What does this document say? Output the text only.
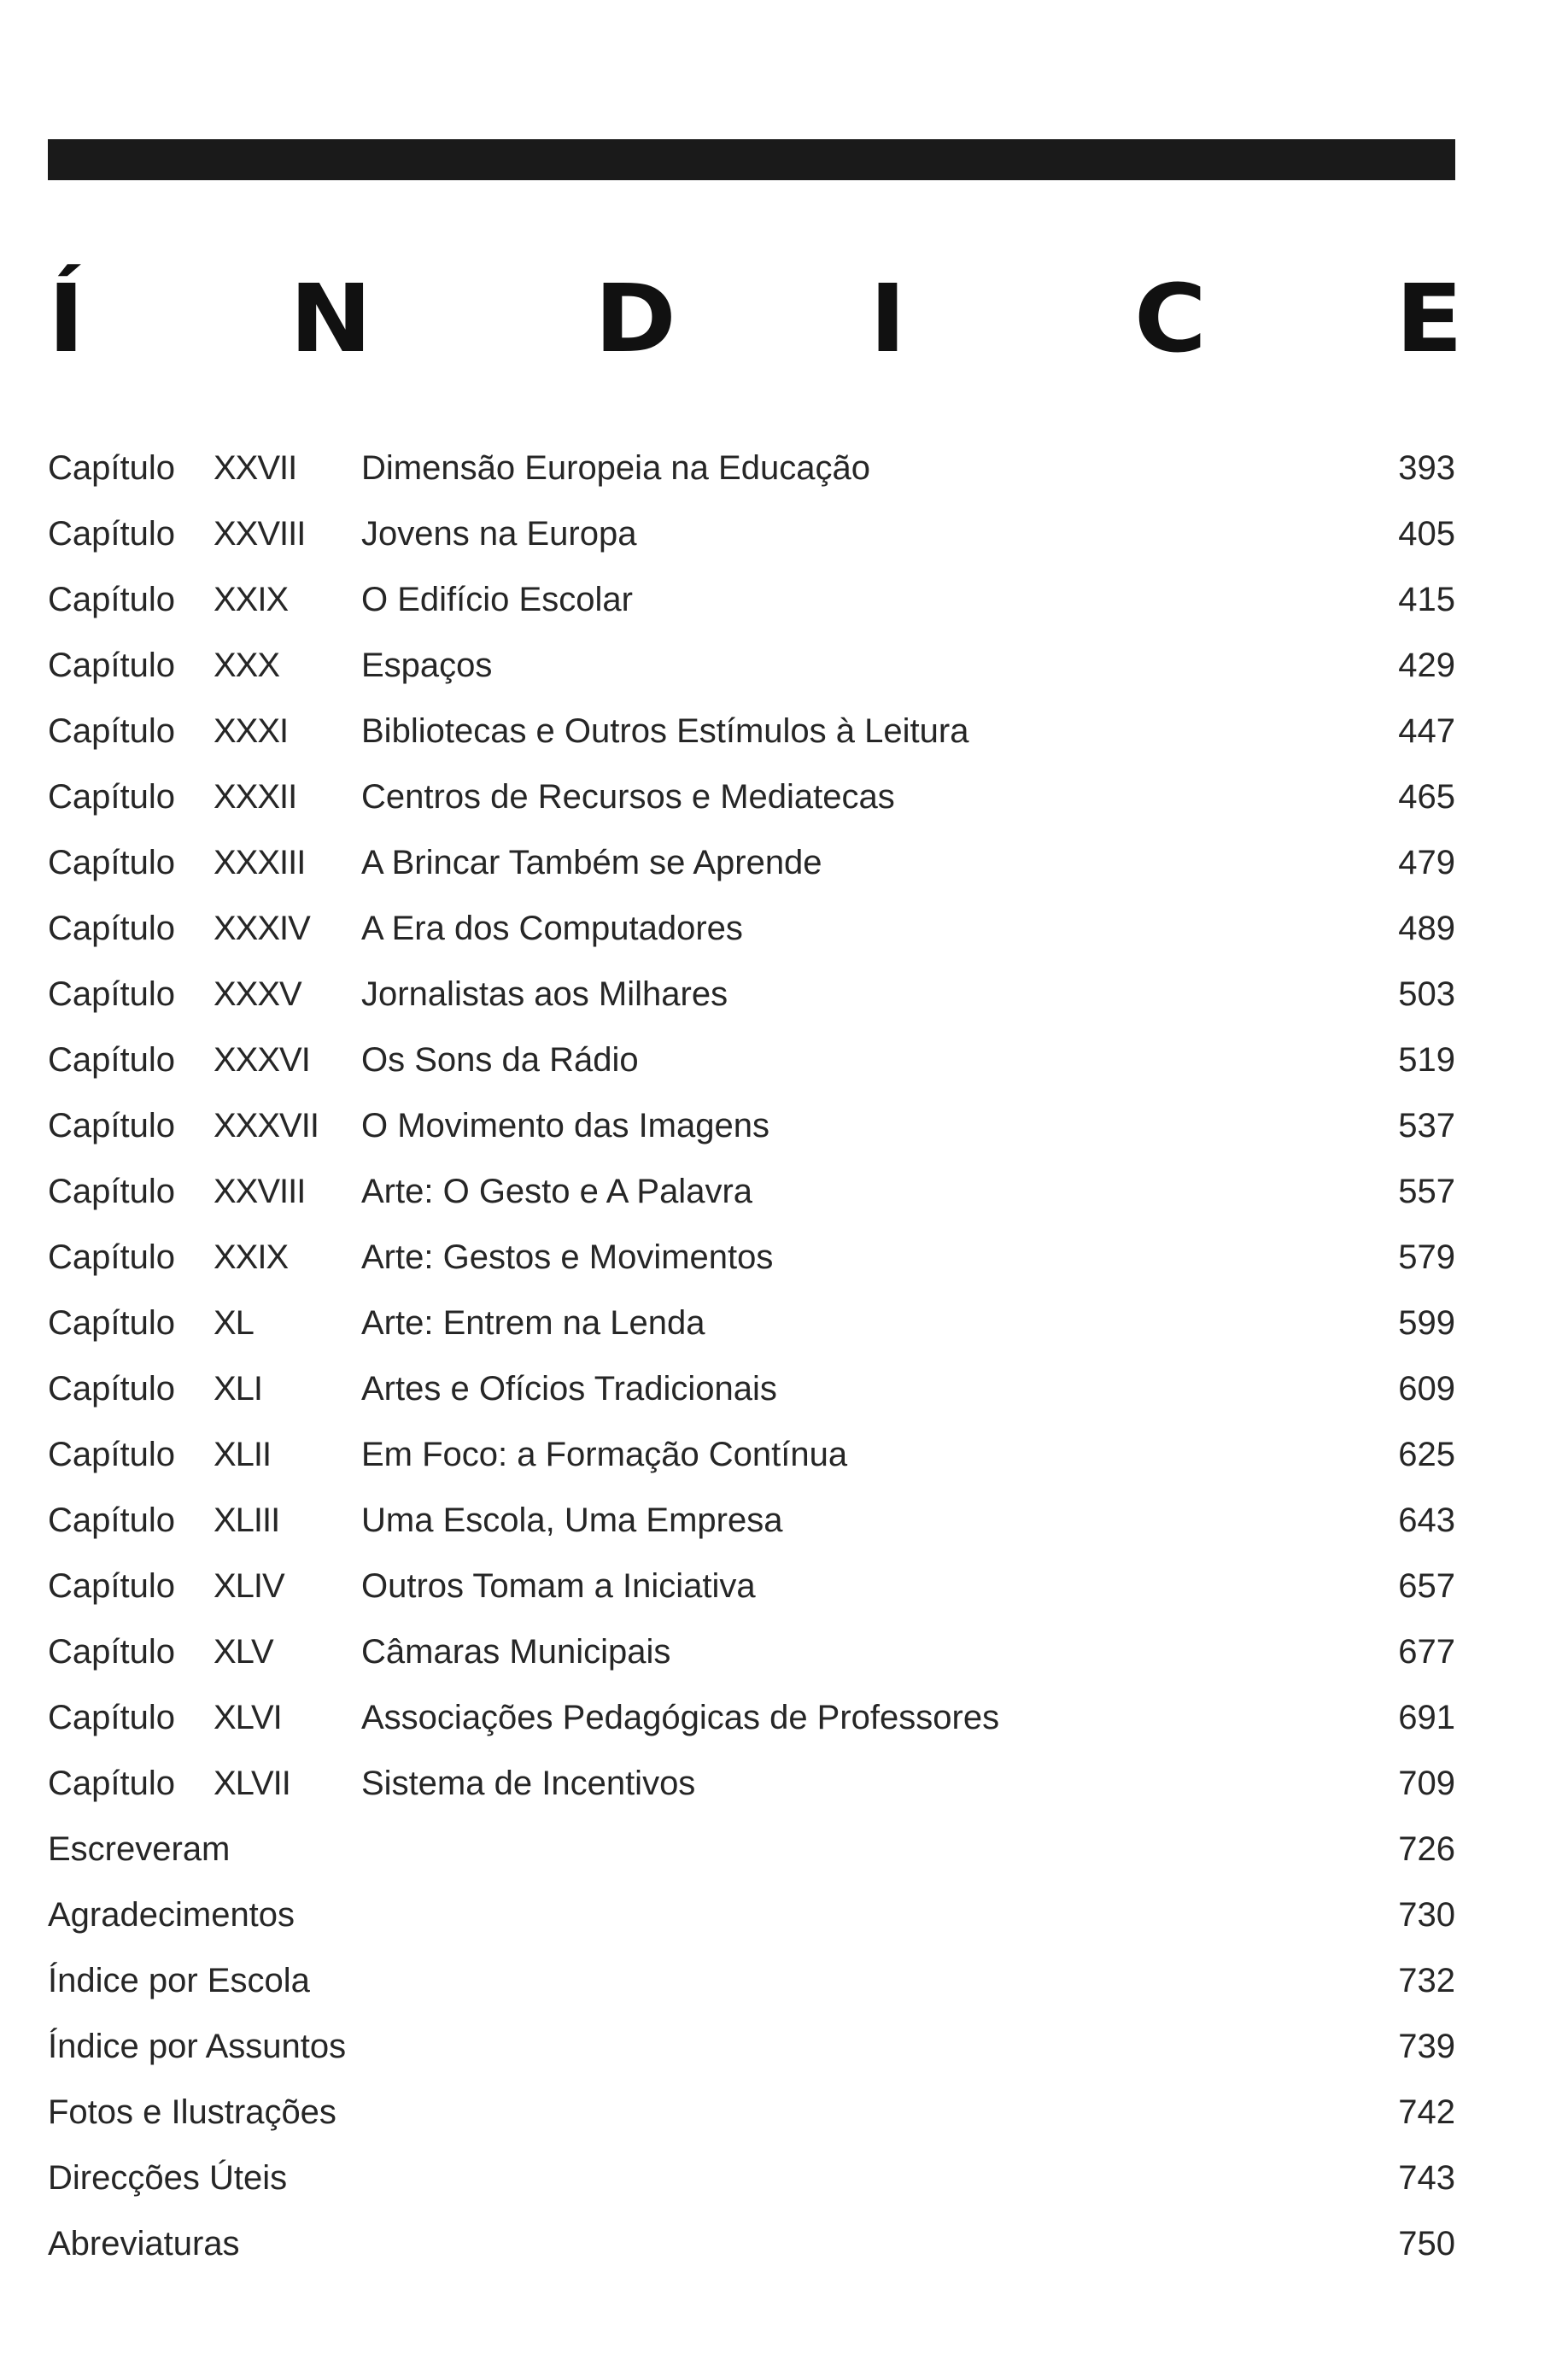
Í N D I C E
Capítulo XXVII Dimensão Europeia na Educação	393
Capítulo XXVIII Jovens na Europa	405
Capítulo XXIX O Edifício Escolar	415
Capítulo XXX Espaços	429
Capítulo XXXI Bibliotecas e Outros Estímulos à Leitura	447
Capítulo XXXII Centros de Recursos e Mediatecas	465
Capítulo XXXIII A Brincar Também se Aprende	479
Capítulo XXXIV A Era dos Computadores	489
Capítulo XXXV Jornalistas aos Milhares	503
Capítulo XXXVI Os Sons da Rádio	519
Capítulo XXXVII O Movimento das Imagens	537
Capítulo XXVIII Arte: O Gesto e A Palavra	557
Capítulo XXIX Arte: Gestos e Movimentos	579
Capítulo XL	Arte: Entrem na Lenda	599
Capítulo XLI	Artes e Ofícios Tradicionais	609
Capítulo XLII	Em Foco: a Formação Contínua	625
Capítulo XLIII Uma Escola, Uma Empresa	643
Capítulo XLIV Outros Tomam a Iniciativa	657
Capítulo XLV	Câmaras Municipais	677
Capítulo XLVI Associações Pedagógicas de Professores	691
Capítulo XLVII Sistema de Incentivos	709
Escreveram	726
Agradecimentos	730
Índice por Escola	732
Índice por Assuntos	739
Fotos e Ilustrações	742
Direcções Úteis	743
Abreviaturas	750
